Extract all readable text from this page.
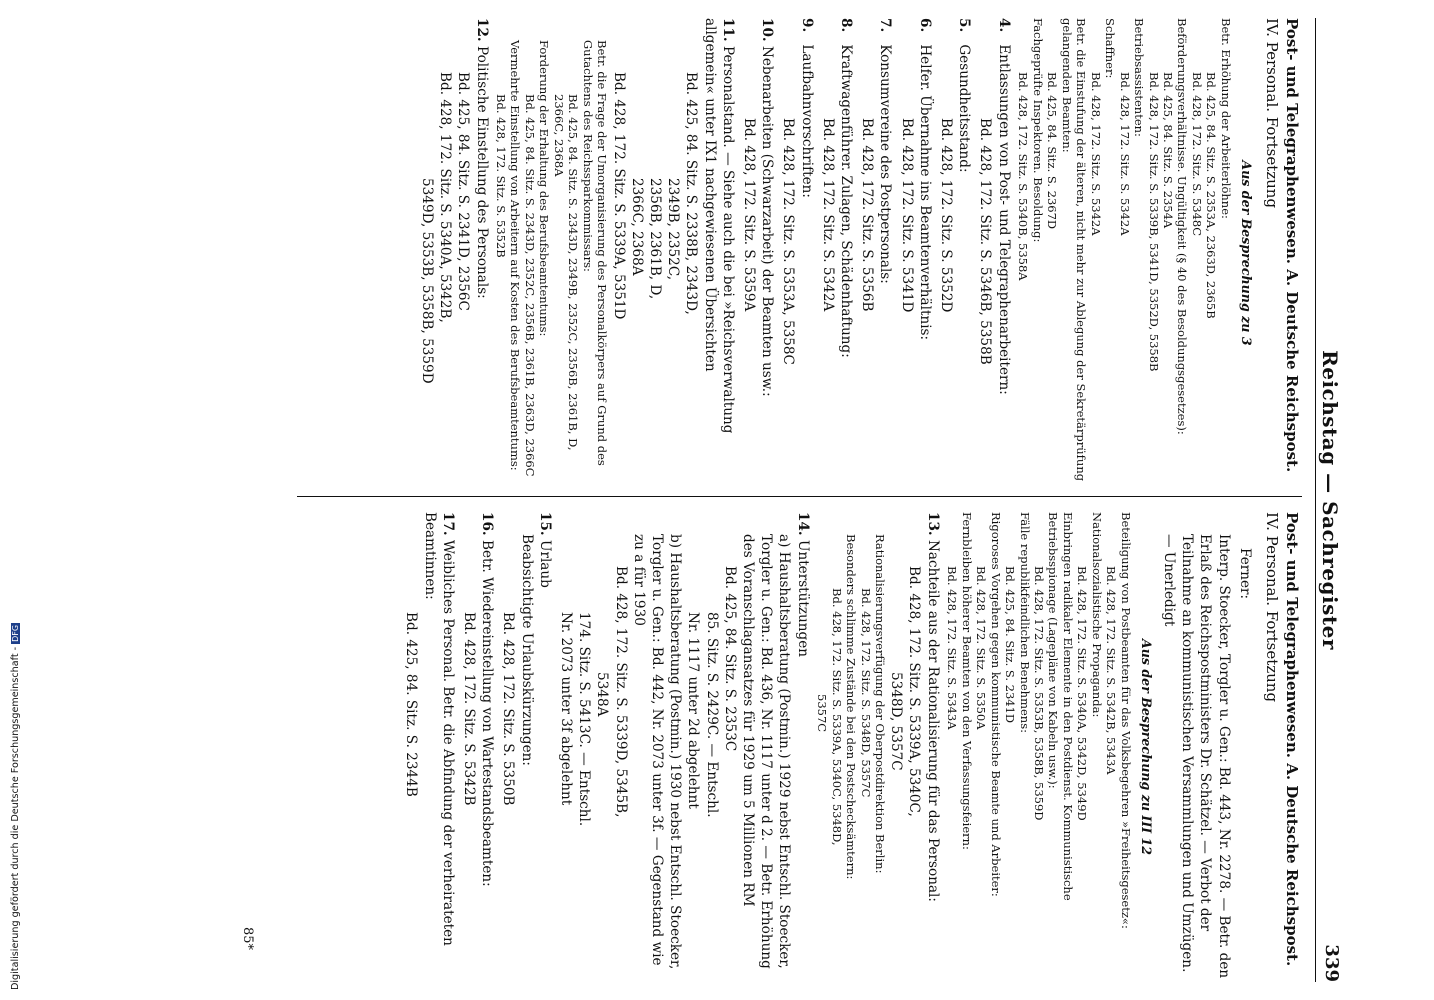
Reichstag — Sachregister
339
Post- und Telegraphenwesen. A. Deutsche Reichspost.
IV. Personal. Fortsetzung
Aus der Besprechung zu 3
Betr. Erhöhung der Arbeiterlöhne:
Bd. 425, 84. Sitz. S. 2353A, 2363D, 2365B
Bd. 428, 172. Sitz. S. 5348C
Beförderungsverhältnisse. Ungültigkeit (§ 40 des Besoldungsgesetzes):
Bd. 425, 84. Sitz. S. 2354A
Bd. 428, 172. Sitz. S. 5339B, 5341D, 5352D, 5358B
Betriebsassistenten:
Bd. 428, 172. Sitz. S. 5342A
Schaffner:
Bd. 428, 172. Sitz. S. 5342A
Betr. die Einstufung der älteren, nicht mehr zur Ablegung der Sekretärprüfung gelangenden Beamten:
Bd. 425, 84. Sitz. S. 2367D
Fachgeprüfte Inspektoren. Besoldung:
Bd. 428, 172. Sitz. S. 5340B, 5358A
4. Entlassungen von Post- und Telegraphenarbeitern:
Bd. 428, 172. Sitz. S. 5346B, 5358B
5. Gesundheitsstand:
Bd. 428, 172. Sitz. S. 5352D
6. Helfer. Übernahme ins Beamtenverhältnis:
Bd. 428, 172. Sitz. S. 5341D
7. Konsumvereine des Postpersonals:
Bd. 428, 172. Sitz. S. 5356B
8. Kraftwagenführer. Zulagen, Schädenhaftung:
Bd. 428, 172. Sitz. S. 5342A
9. Laufbahnvorschriften:
Bd. 428, 172. Sitz. S. 5353A, 5358C
10. Nebenarbeiten (Schwarzarbeit) der Beamten usw.:
Bd. 428, 172. Sitz. S. 5359A
11. Personalstand. — Siehe auch die bei »Reichsverwaltung allgemein« unter IX1 nachgewiesenen Übersichten
Bd. 425, 84. Sitz. S. 2338B, 2343D,
2349B, 2352C,
2356B, 2361B, D,
2366C, 2368A
Bd. 428, 172. Sitz. S. 5339A, 5351D
Betr. die Frage der Umorganisierung des Personalkörpers auf Grund des Gutachtens des Reichssparkommissars:
Bd. 425, 84. Sitz. S. 2343D, 2349B, 2352C, 2356B, 2361B, D, 2366C, 2368A
Forderung der Erhaltung des Berufsbeamtentums:
Bd. 425, 84. Sitz. S. 2343D, 2352C, 2356B, 2361B, 2363D, 2366C
Vermehrte Einstellung von Arbeitern auf Kosten des Berufsbeamtentums:
Bd. 428, 172. Sitz. S. 5352B
12. Politische Einstellung des Personals:
Bd. 425, 84. Sitz. S. 2341D, 2356C
Bd. 428, 172. Sitz. S. 5340A, 5342B,
5349D, 5353B, 5358B, 5359D
Post- und Telegraphenwesen. A. Deutsche Reichspost.
IV. Personal. Fortsetzung
Ferner:
Interp. Stoecker, Torgler u. Gen.: Bd. 443, Nr. 2278. — Betr. den Erlaß des Reichspostministers Dr. Schätzel. — Verbot der Teilnahme an kommunistischen Versammlungen und Umzügen. — Unerledigt
Aus der Besprechung zu III 12
Beteiligung von Postbeamten für das Volksbegehren »Freiheitsgesetz«:
Bd. 428, 172. Sitz. S. 5342B, 5343A
Nationalsozialistische Propaganda:
Bd. 428, 172. Sitz. S. 5340A, 5342D, 5349D
Einbringen radikaler Elemente in den Postdienst. Kommunistische Betriebsspionage (Lagepläne von Kabeln usw.):
Bd. 428, 172. Sitz. S. 5353B, 5358B, 5359D
Fälle republikfeindlichen Benehmens:
Bd. 425, 84. Sitz. S. 2341D
Rigoroses Vorgehen gegen kommunistische Beamte und Arbeiter:
Bd. 428, 172. Sitz. S. 5350A
Fernbleiben höherer Beamten von den Verfassungsfeiern:
Bd. 428, 172. Sitz. S. 5343A
13. Nachteile aus der Rationalisierung für das Personal:
Bd. 428, 172. Sitz. S. 5339A, 5340C,
5348D, 5357C
Rationalisierungsverfügung der Oberpostdirektion Berlin:
Bd. 428, 172. Sitz. S. 5348D, 5357C
Besonders schlimme Zustände bei den Postschecksämtern:
Bd. 428, 172. Sitz. S. 5339A, 5340C, 5348D,
5357C
14. Unterstützungen
a) Haushaltsberatung (Postmin.) 1929 nebst Entschl. Stoecker, Torgler u. Gen.: Bd. 436, Nr. 1117 unter d 2. — Betr. Erhöhung des Voranschlagansatzes für 1929 um 5 Millionen RM
Bd. 425, 84. Sitz. S. 2353C
85. Sitz. S. 2429C. — Entschl.
Nr. 1117 unter 2d abgelehnt
b) Haushaltsberatung (Postmin.) 1930 nebst Entschl. Stoecker, Torgler u. Gen.: Bd. 442, Nr. 2073 unter 3f. — Gegenstand wie zu a für 1930
Bd. 428, 172. Sitz. S. 5339D, 5345B,
5348A
174. Sitz. S. 5413C. — Entschl.
Nr. 2073 unter 3f abgelehnt
15. Urlaub
Beabsichtigte Urlaubskürzungen:
Bd. 428, 172. Sitz. S. 5350B
16. Betr. Wiedereinstellung von Wartestandsbeamten:
Bd. 428, 172. Sitz. S. 5342B
17. Weibliches Personal. Betr. die Abfindung der verheirateten Beamtinnen:
Bd. 425, 84. Sitz. S. 2344B
85*
Digitalisierung gefördert durch die Deutsche Forschungsgemeinschaft -DFG
